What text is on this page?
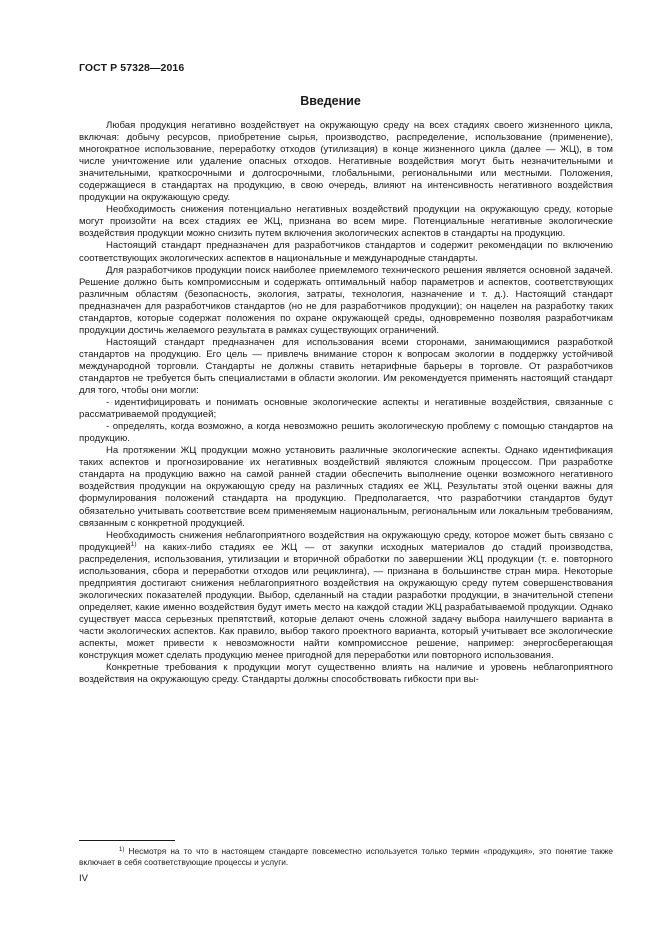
ГОСТ Р 57328—2016
Введение

Любая продукция негативно воздействует на окружающую среду на всех стадиях своего жизненного цикла, включая: добычу ресурсов, приобретение сырья, производство, распределение, использование (применение), многократное использование, переработку отходов (утилизация) в конце жизненного цикла (далее — ЖЦ), в том числе уничтожение или удаление опасных отходов. Негативные воздействия могут быть незначительными и значительными, краткосрочными и долгосрочными, глобальными, региональными или местными. Положения, содержащиеся в стандартах на продукцию, в свою очередь, влияют на интенсивность негативного воздействия продукции на окружающую среду.

Необходимость снижения потенциально негативных воздействий продукции на окружающую среду, которые могут произойти на всех стадиях ее ЖЦ, признана во всем мире. Потенциальные негативные экологические воздействия продукции можно снизить путем включения экологических аспектов в стандарты на продукцию.

Настоящий стандарт предназначен для разработчиков стандартов и содержит рекомендации по включению соответствующих экологических аспектов в национальные и международные стандарты.

Для разработчиков продукции поиск наиболее приемлемого технического решения является основной задачей. Решение должно быть компромиссным и содержать оптимальный набор параметров и аспектов, соответствующих различным областям (безопасность, экология, затраты, технология, назначение и т. д.). Настоящий стандарт предназначен для разработчиков стандартов (но не для разработчиков продукции); он нацелен на разработку таких стандартов, которые содержат положения по охране окружающей среды, одновременно позволяя разработчикам продукции достичь желаемого результата в рамках существующих ограничений.

Настоящий стандарт предназначен для использования всеми сторонами, занимающимися разработкой стандартов на продукцию. Его цель — привлечь внимание сторон к вопросам экологии в поддержку устойчивой международной торговли. Стандарты не должны ставить нетарифные барьеры в торговле. От разработчиков стандартов не требуется быть специалистами в области экологии. Им рекомендуется применять настоящий стандарт для того, чтобы они могли:

- идентифицировать и понимать основные экологические аспекты и негативные воздействия, связанные с рассматриваемой продукцией;

- определять, когда возможно, а когда невозможно решить экологическую проблему с помощью стандартов на продукцию.

На протяжении ЖЦ продукции можно установить различные экологические аспекты. Однако идентификация таких аспектов и прогнозирование их негативных воздействий являются сложным процессом. При разработке стандарта на продукцию важно на самой ранней стадии обеспечить выполнение оценки возможного негативного воздействия продукции на окружающую среду на различных стадиях ее ЖЦ. Результаты этой оценки важны для формулирования положений стандарта на продукцию. Предполагается, что разработчики стандартов будут обязательно учитывать соответствие всем применяемым национальным, региональным или локальным требованиям, связанным с конкретной продукцией.

Необходимость снижения неблагоприятного воздействия на окружающую среду, которое может быть связано с продукцией$^{1)}$ на каких-либо стадиях ее ЖЦ — от закупки исходных материалов до стадий производства, распределения, использования, утилизации и вторичной обработки по завершении ЖЦ продукции (т. е. повторного использования, сбора и переработки отходов или рециклинга), — признана в большинстве стран мира. Некоторые предприятия достигают снижения неблагоприятного воздействия на окружающую среду путем совершенствования экологических показателей продукции. Выбор, сделанный на стадии разработки продукции, в значительной степени определяет, какие именно воздействия будут иметь место на каждой стадии ЖЦ разрабатываемой продукции. Однако существует масса серьезных препятствий, которые делают очень сложной задачу выбора наилучшего варианта в части экологических аспектов. Как правило, выбор такого проектного варианта, который учитывает все экологические аспекты, может привести к невозможности найти компромиссное решение, например: энергосберегающая конструкция может сделать продукцию менее пригодной для переработки или повторного использования.

Конкретные требования к продукции могут существенно влиять на наличие и уровень неблагоприятного воздействия на окружающую среду. Стандарты должны способствовать гибкости при вы-

$^{1)}$ Несмотря на то что в настоящем стандарте повсеместно используется только термин «продукция», это понятие также включает в себя соответствующие процессы и услуги.
IV
